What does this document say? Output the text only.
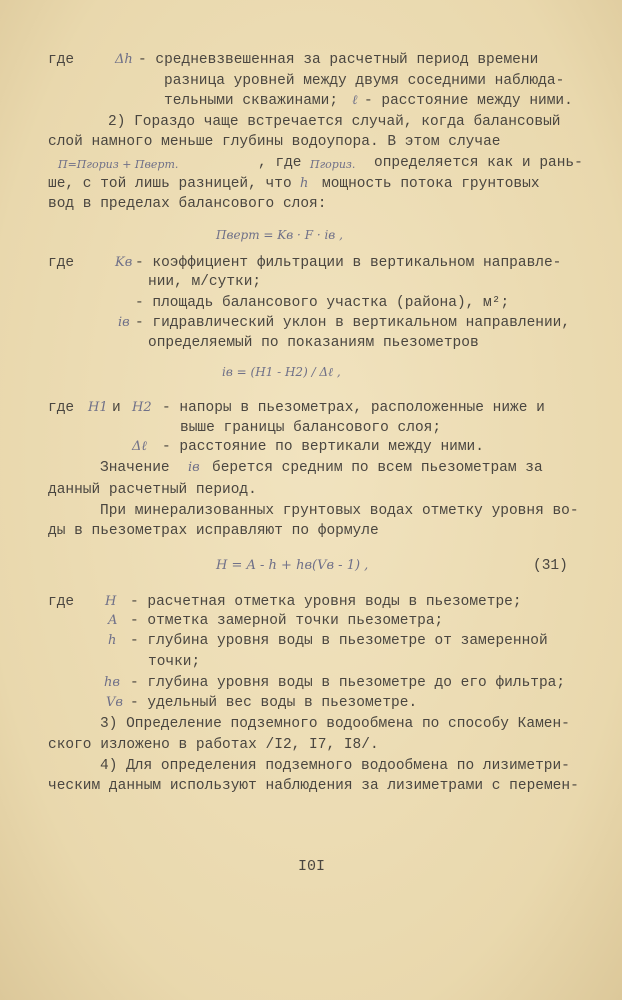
где	Δh - средневзвешенная за расчетный период времени
разница уровней между двумя соседними наблюда-
тельными скважинами; ℓ - расстояние между ними.
2) Гораздо чаще встречается случай, когда балансовый
слой намного меньше глубины водоупора. В этом случае
П=Пгориз + Пверт.	, где Пгориз. определяется как и рань-
ше, с той лишь разницей, что h мощность потока грунтовых
вод в пределах балансового слоя:
Пверт = Kв · F · iв ,
где	Kв - коэффициент фильтрации в вертикальном направле-
нии, м/сутки;
- площадь балансового участка (района), м²;
iв - гидравлический уклон в вертикальном направлении,
определяемый по показаниям пьезометров
iв = (H1 - H2) / Δℓ ,
где H1 и H2 - напоры в пьезометрах, расположенные ниже и
выше границы балансового слоя;
Δℓ - расстояние по вертикали между ними.
Значение iв берется средним по всем пьезометрам за
данный расчетный период.
При минерализованных грунтовых водах отметку уровня во-
ды в пьезометрах исправляют по формуле
H = A - h + hв(Vв - 1) ,	(31)
где H - расчетная отметка уровня воды в пьезометре;
A - отметка замерной точки пьезометра;
h - глубина уровня воды в пьезометре от замеренной
точки;
hв - глубина уровня воды в пьезометре до его фильтра;
Vв - удельный вес воды в пьезометре.
3) Определение подземного водообмена по способу Камен-
ского изложено в работах /I2, I7, I8/.
4) Для определения подземного водообмена по лизиметри-
ческим данным используют наблюдения за лизиметрами с перемен-
I0I
